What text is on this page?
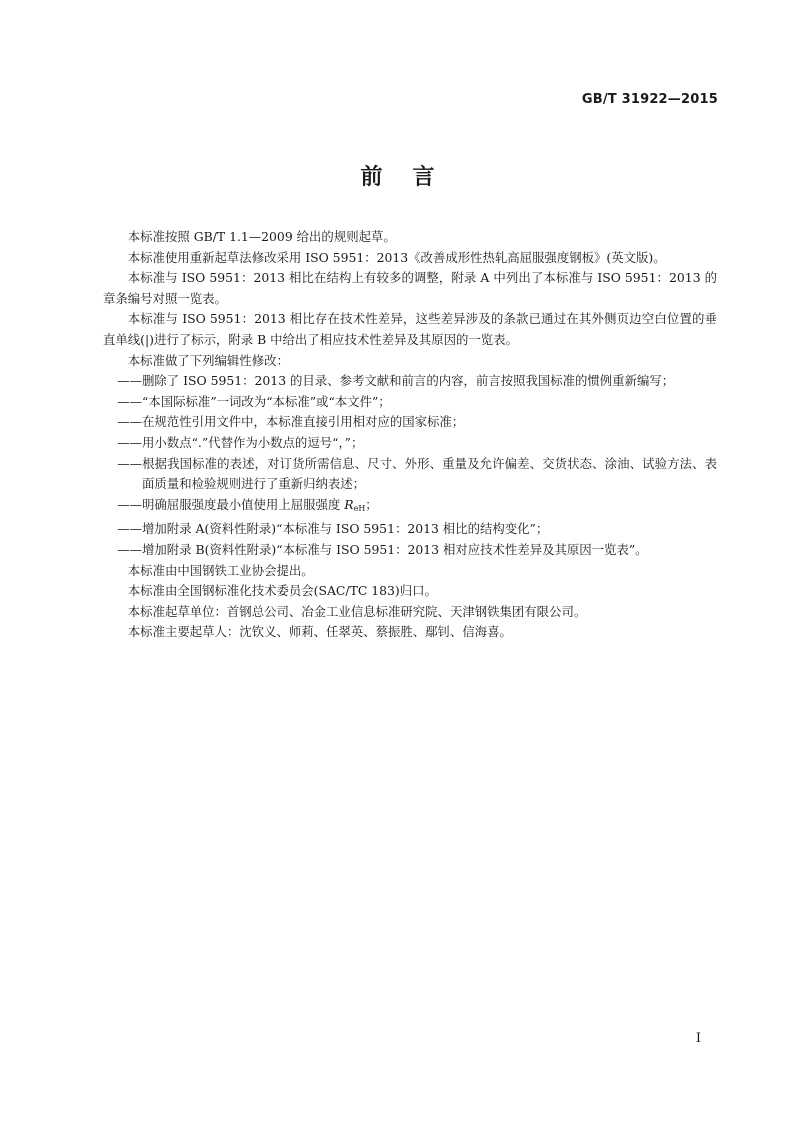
GB/T 31922—2015
前言

本标准按照 GB/T 1.1—2009 给出的规则起草。

本标准使用重新起草法修改采用 ISO 5951：2013《改善成形性热轧高屈服强度钢板》(英文版)。

本标准与 ISO 5951：2013 相比在结构上有较多的调整，附录 A 中列出了本标准与 ISO 5951：2013 的章条编号对照一览表。

本标准与 ISO 5951：2013 相比存在技术性差异，这些差异涉及的条款已通过在其外侧页边空白位置的垂直单线(|)进行了标示，附录 B 中给出了相应技术性差异及其原因的一览表。

本标准做了下列编辑性修改：

——删除了 ISO 5951：2013 的目录、参考文献和前言的内容，前言按照我国标准的惯例重新编写；

——“本国际标准”一词改为“本标准”或“本文件”；

——在规范性引用文件中，本标准直接引用相对应的国家标准；

——用小数点“.”代替作为小数点的逗号“，”；

——根据我国标准的表述，对订货所需信息、尺寸、外形、重量及允许偏差、交货状态、涂油、试验方法、表面质量和检验规则进行了重新归纳表述；

——明确屈服强度最小值使用上屈服强度 $R_{eH}$；

——增加附录 A(资料性附录)“本标准与 ISO 5951：2013 相比的结构变化”；

——增加附录 B(资料性附录)“本标准与 ISO 5951：2013 相对应技术性差异及其原因一览表”。

本标准由中国钢铁工业协会提出。

本标准由全国钢标准化技术委员会(SAC/TC 183)归口。

本标准起草单位：首钢总公司、冶金工业信息标准研究院、天津钢铁集团有限公司。

本标准主要起草人：沈钦义、师莉、任翠英、蔡振胜、鄢钊、信海喜。

I
